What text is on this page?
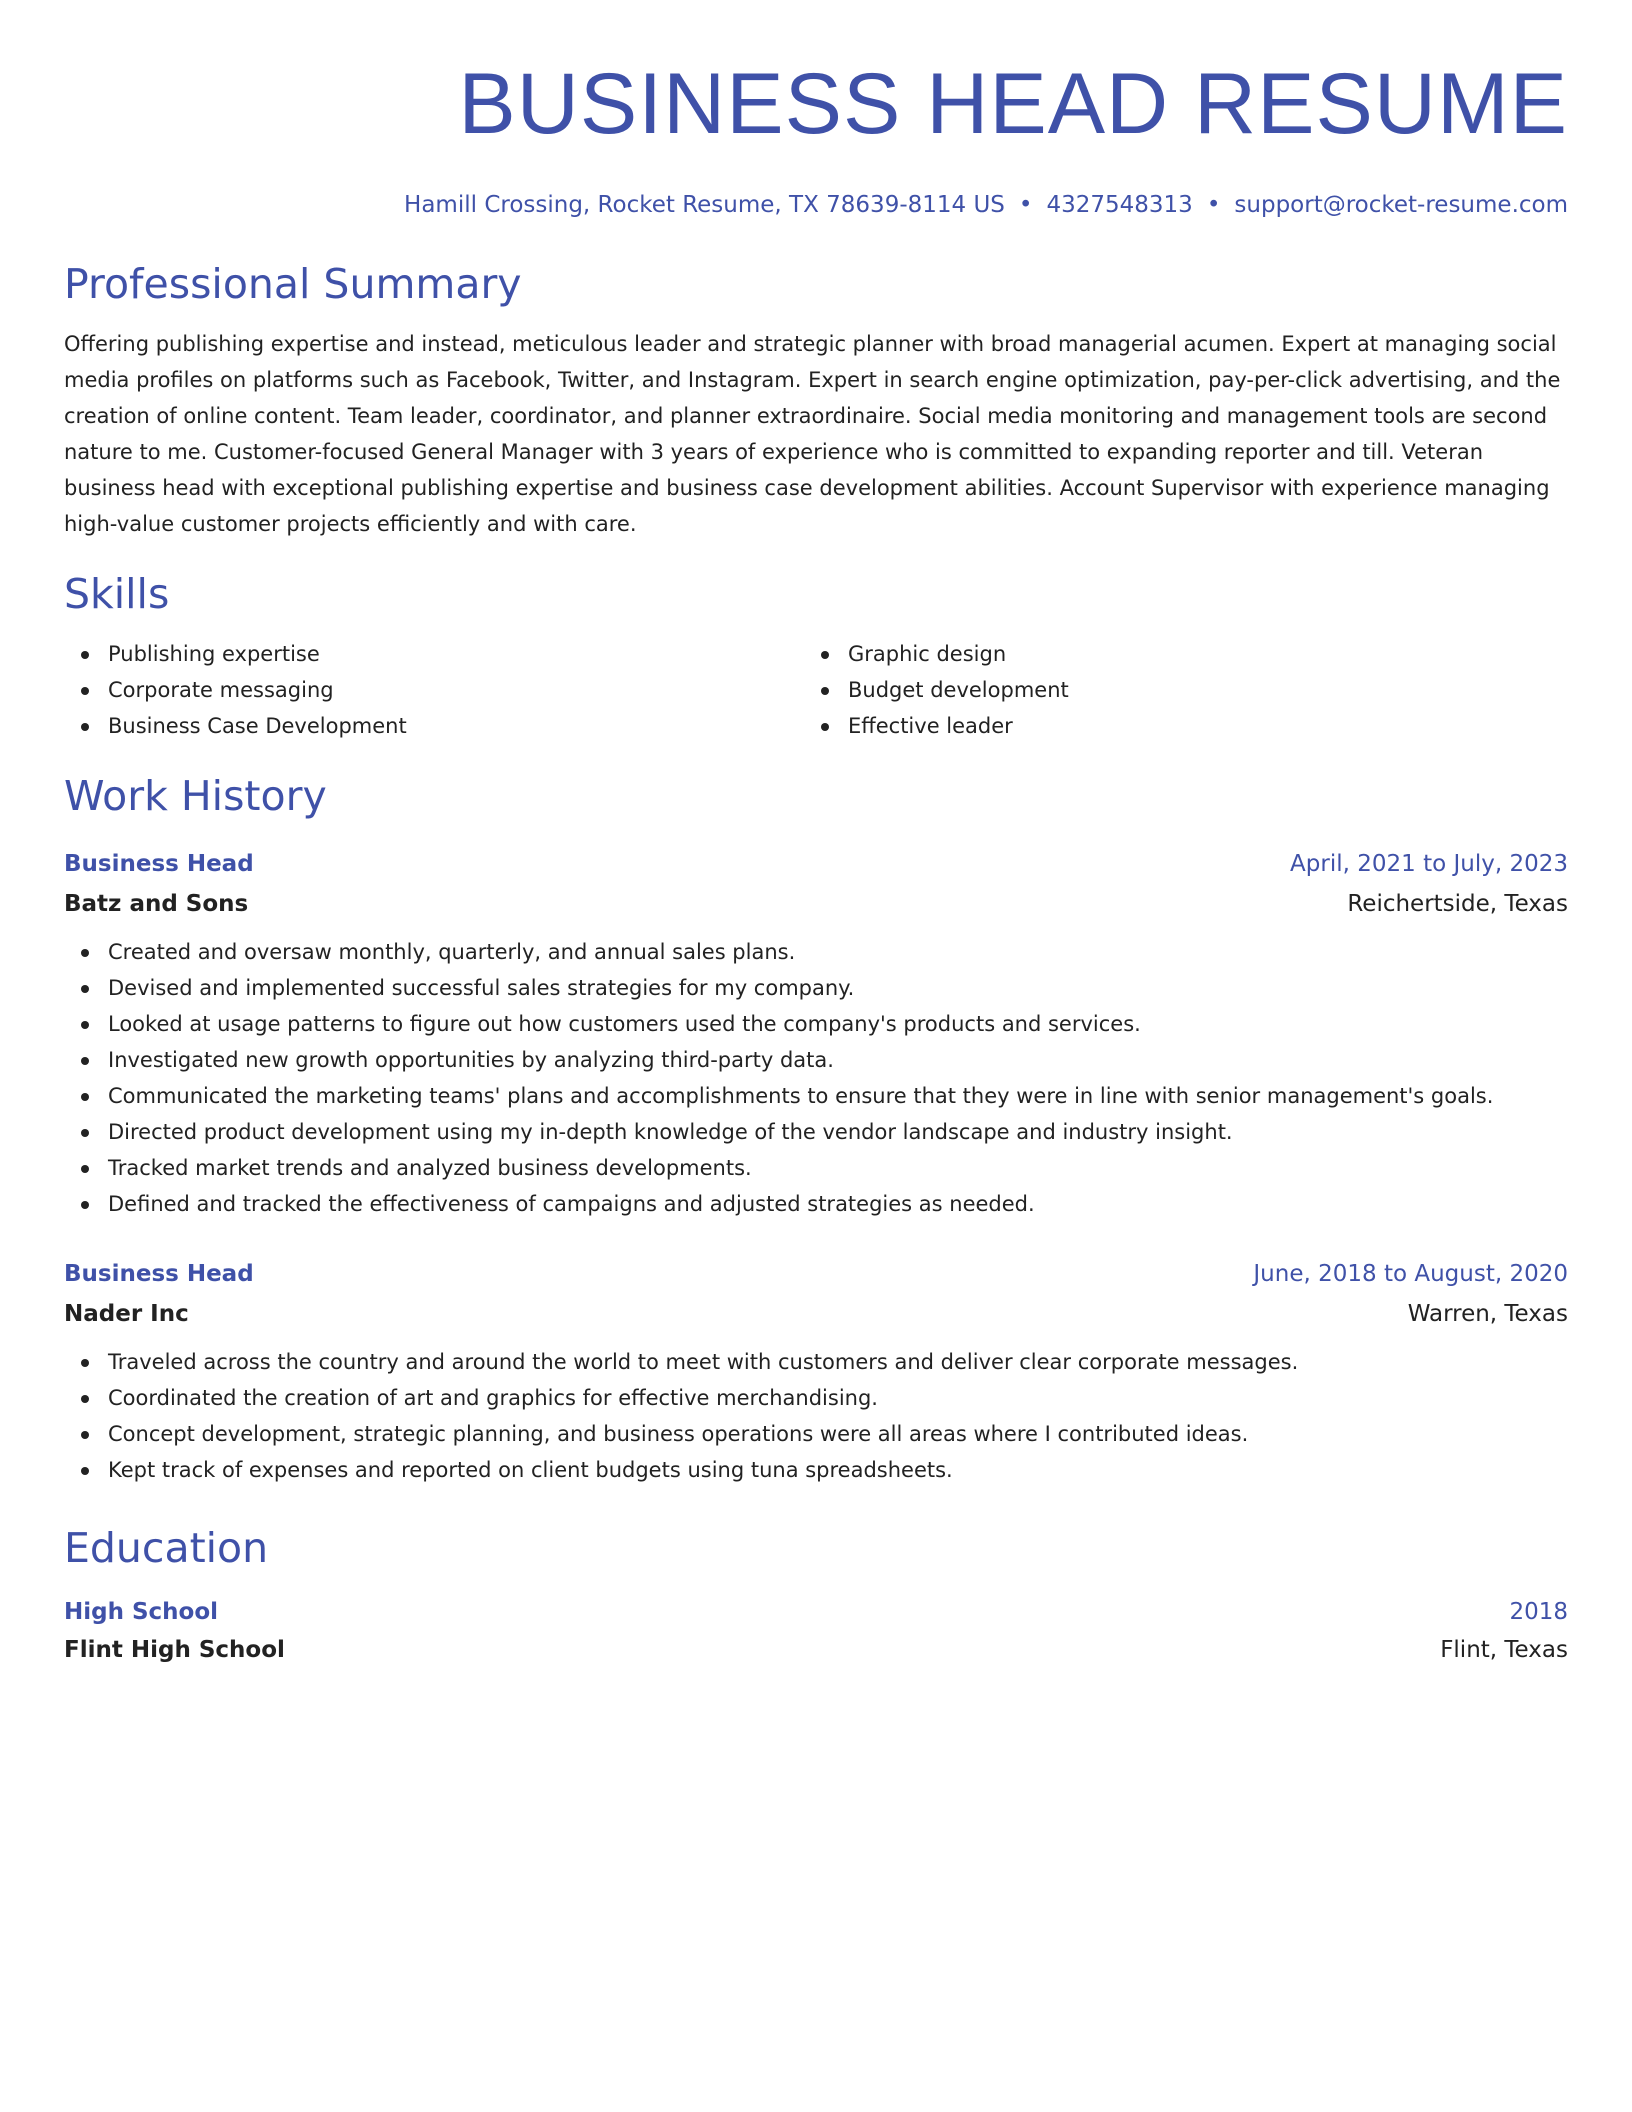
BUSINESS HEAD RESUME
Hamill Crossing, Rocket Resume, TX 78639-8114 US • 4327548313 • support@rocket-resume.com
Professional Summary

Offering publishing expertise and instead, meticulous leader and strategic planner with broad managerial acumen. Expert at managing social media profiles on platforms such as Facebook, Twitter, and Instagram. Expert in search engine optimization, pay-per-click advertising, and the creation of online content. Team leader, coordinator, and planner extraordinaire. Social media monitoring and management tools are second nature to me. Customer-focused General Manager with 3 years of experience who is committed to expanding reporter and till. Veteran business head with exceptional publishing expertise and business case development abilities. Account Supervisor with experience managing high-value customer projects efficiently and with care.

Skills
Publishing expertise
Corporate messaging
Business Case Development
Graphic design
Budget development
Effective leader
Work History
Business Head	April, 2021 to July, 2023
Batz and Sons	Reichertside, Texas
Created and oversaw monthly, quarterly, and annual sales plans.
Devised and implemented successful sales strategies for my company.
Looked at usage patterns to figure out how customers used the company's products and services.
Investigated new growth opportunities by analyzing third-party data.
Communicated the marketing teams' plans and accomplishments to ensure that they were in line with senior management's goals.
Directed product development using my in-depth knowledge of the vendor landscape and industry insight.
Tracked market trends and analyzed business developments.
Defined and tracked the effectiveness of campaigns and adjusted strategies as needed.
Business Head	June, 2018 to August, 2020
Nader Inc	Warren, Texas
Traveled across the country and around the world to meet with customers and deliver clear corporate messages.
Coordinated the creation of art and graphics for effective merchandising.
Concept development, strategic planning, and business operations were all areas where I contributed ideas.
Kept track of expenses and reported on client budgets using tuna spreadsheets.
Education
High School	2018
Flint High School	Flint, Texas
